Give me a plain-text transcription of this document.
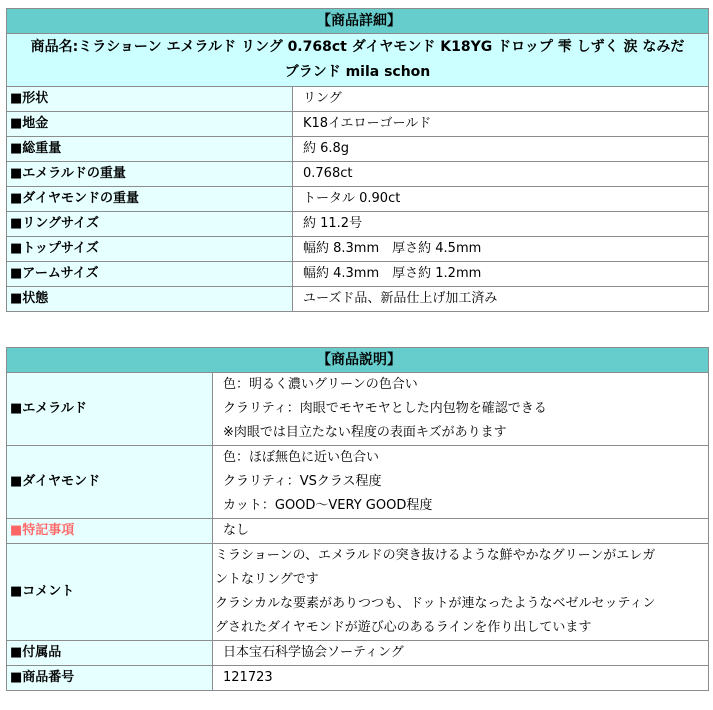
【商品詳細】	

商品名:ミラショーン エメラルド リング 0.768ct ダイヤモンド K18YG ドロップ 雫 しずく 涙 なみだ
ブランド mila schon	

■形状	リング
■地金	K18イエローゴールド
■総重量	約 6.8g
■エメラルドの重量	0.768ct
■ダイヤモンドの重量	トータル 0.90ct
■リングサイズ	約 11.2号
■トップサイズ	幅約 8.3mm　厚さ約 4.5mm
■アームサイズ	幅約 4.3mm　厚さ約 1.2mm
■状態	ユーズド品、新品仕上げ加工済み
【商品説明】	
■エメラルド	色：明るく濃いグリーンの色合い
クラリティ：肉眼でモヤモヤとした内包物を確認できる
※肉眼では目立たない程度の表面キズがあります

■ダイヤモンド	色：ほぼ無色に近い色合い
クラリティ：VSクラス程度
カット：GOOD～VERY GOOD程度

■特記事項	なし
■コメント	ミラショーンの、エメラルドの突き抜けるような鮮やかなグリーンがエレガ
ントなリングです
クラシカルな要素がありつつも、ドットが連なったようなベゼルセッティン
グされたダイヤモンドが遊び心のあるラインを作り出しています

■付属品	日本宝石科学協会ソーティング
■商品番号	121723
